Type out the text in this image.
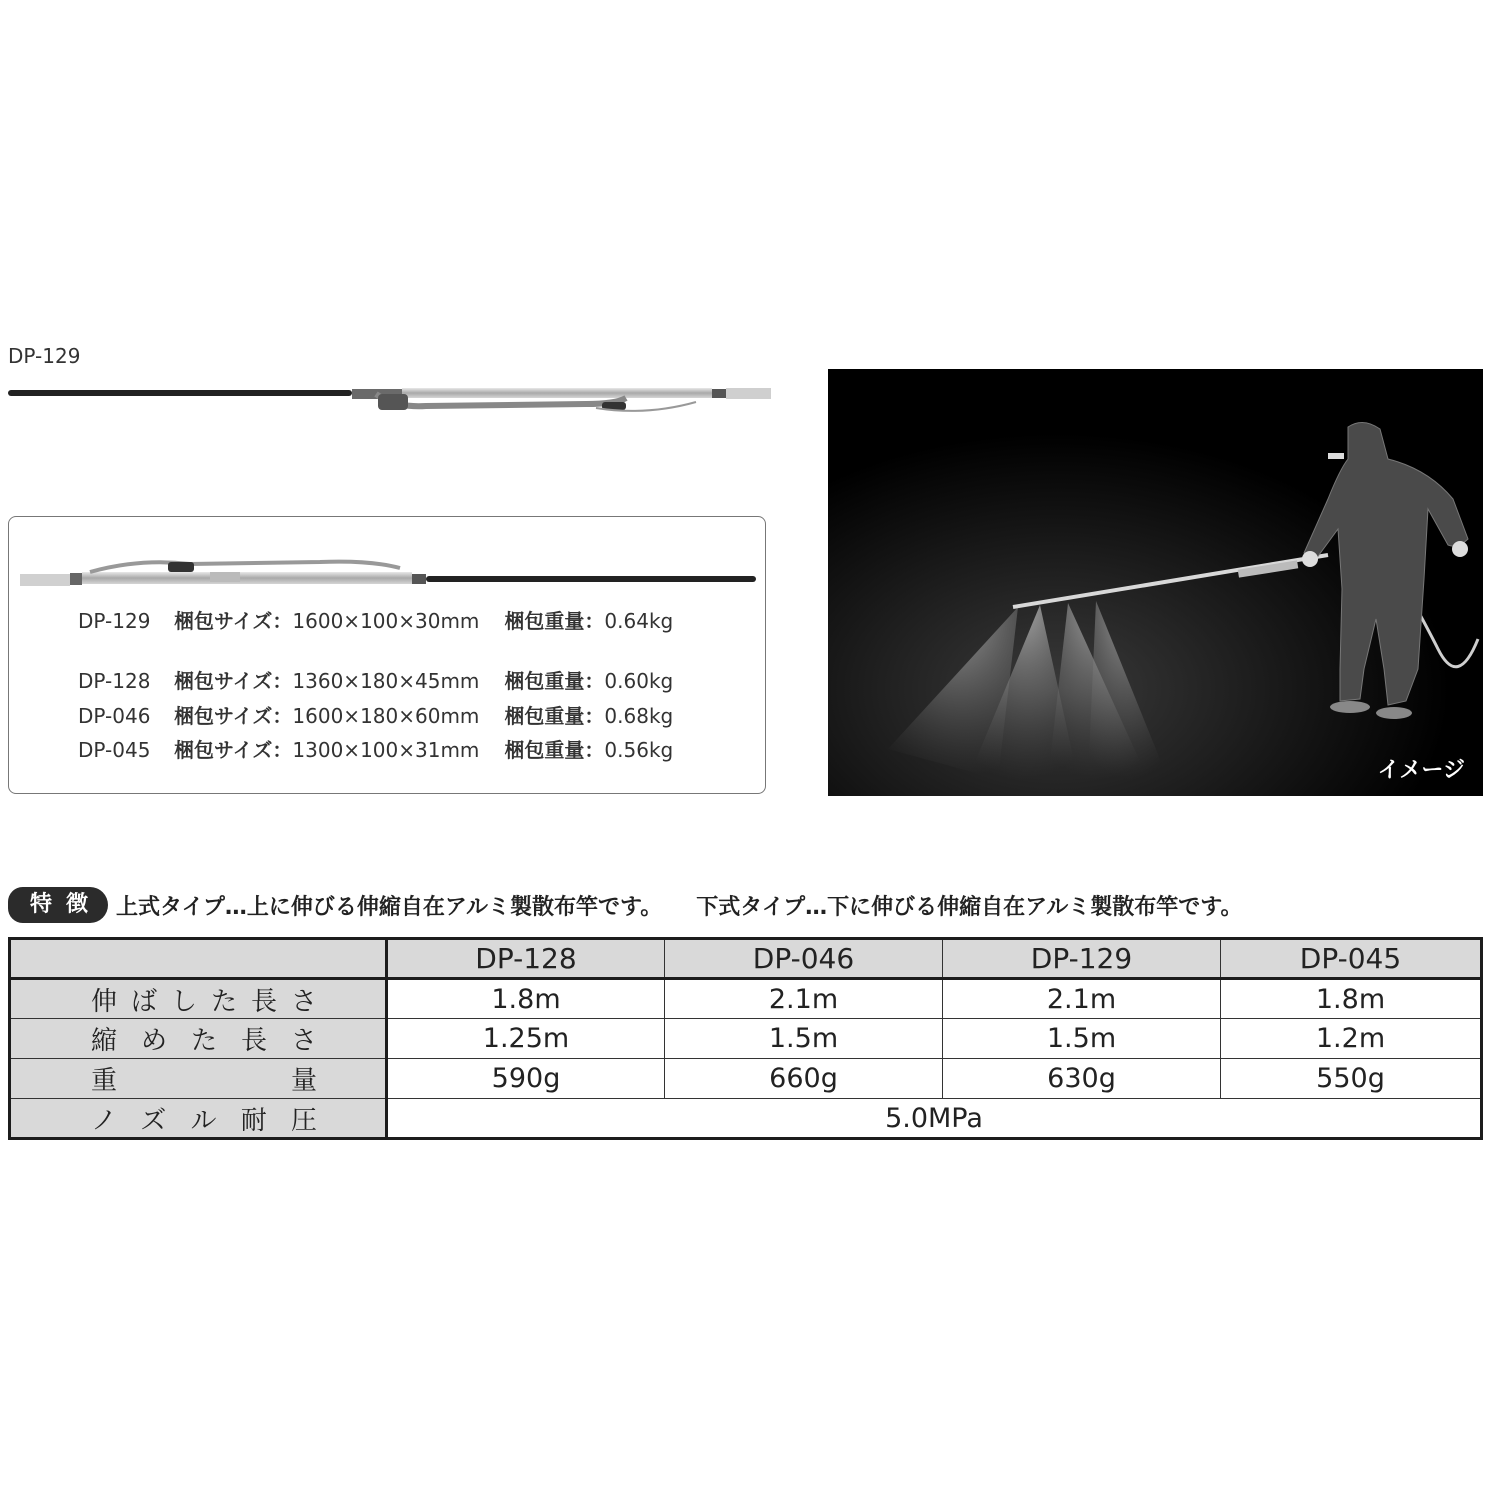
DP-129
DP-129 梱包サイズ：1600×100×30mm 梱包重量：0.64kg
DP-128 梱包サイズ：1360×180×45mm 梱包重量：0.60kg
DP-046 梱包サイズ：1600×180×60mm 梱包重量：0.68kg
DP-045 梱包サイズ：1300×100×31mm 梱包重量：0.56kg
イメージ
特徴 上式タイプ…上に伸びる伸縮自在アルミ製散布竿です。 下式タイプ…下に伸びる伸縮自在アルミ製散布竿です。
	DP-128	DP-046	DP-129	DP-045
伸ばした長さ	1.8m	2.1m	2.1m	1.8m
縮めた長さ	1.25m	1.5m	1.5m	1.2m
重量	590g	660g	630g	550g
ノズル耐圧	5.0MPa			
